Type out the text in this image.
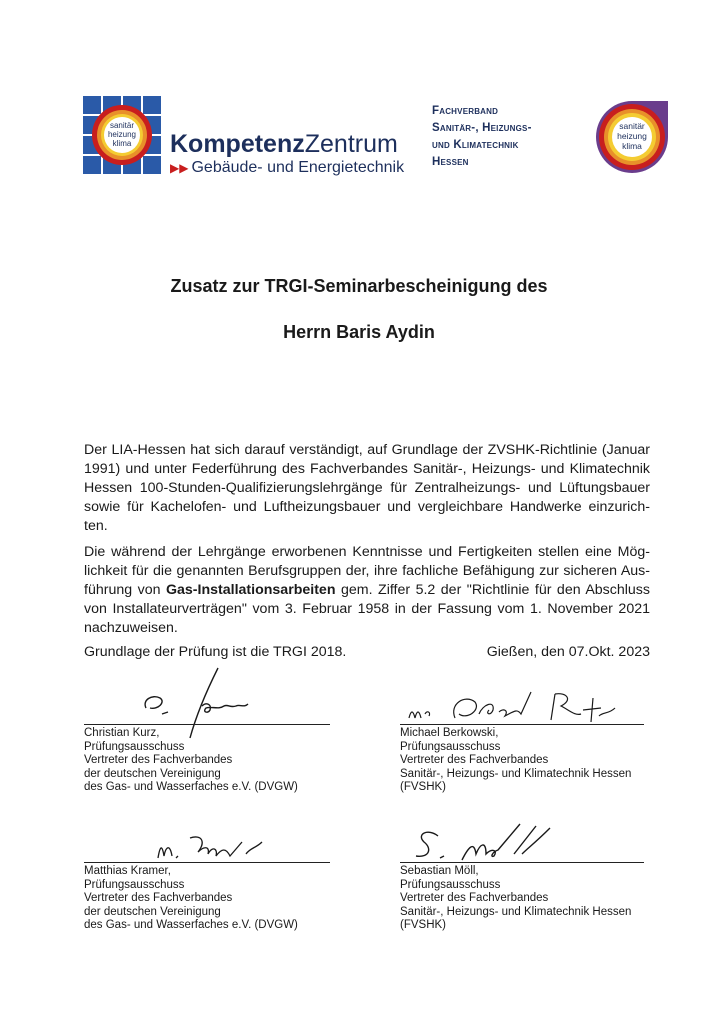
sanitär
heizung
klima KompetenzZentrum
▶▶ Gebäude- und Energietechnik
Fachverband
Sanitär-, Heizungs-
und Klimatechnik
Hessen
sanitär
heizung
klima
Zusatz zur TRGI-Seminarbescheinigung des
Herrn Baris Aydin
Der LIA-Hessen hat sich darauf verständigt, auf Grundlage der ZVSHK-Richtlinie (Januar 1991) und unter Federführung des Fachverbandes Sanitär-, Heizungs- und Klimatechnik Hessen 100-Stunden-Qualifizierungslehrgänge für Zentralheizungs- und Lüftungsbauer sowie für Kachelofen- und Luftheizungsbauer und vergleichbare Handwerke einzurich-ten.
Die während der Lehrgänge erworbenen Kenntnisse und Fertigkeiten stellen eine Mög-lichkeit für die genannten Berufsgruppen der, ihre fachliche Befähigung zur sicheren Aus-führung von Gas-Installationsarbeiten gem. Ziffer 5.2 der "Richtlinie für den Abschluss von Installateurverträgen" vom 3. Februar 1958 in der Fassung vom 1. November 2021 nachzuweisen.
Grundlage der Prüfung ist die TRGI 2018.	Gießen, den 07.Okt. 2023
Christian Kurz,
Prüfungsausschuss
Vertreter des Fachverbandes
der deutschen Vereinigung
des Gas- und Wasserfaches e.V. (DVGW)
Michael Berkowski,
Prüfungsausschuss
Vertreter des Fachverbandes
Sanitär-, Heizungs- und Klimatechnik Hessen
(FVSHK)
Matthias Kramer,
Prüfungsausschuss
Vertreter des Fachverbandes
der deutschen Vereinigung
des Gas- und Wasserfaches e.V. (DVGW)
Sebastian Möll,
Prüfungsausschuss
Vertreter des Fachverbandes
Sanitär-, Heizungs- und Klimatechnik Hessen
(FVSHK)
